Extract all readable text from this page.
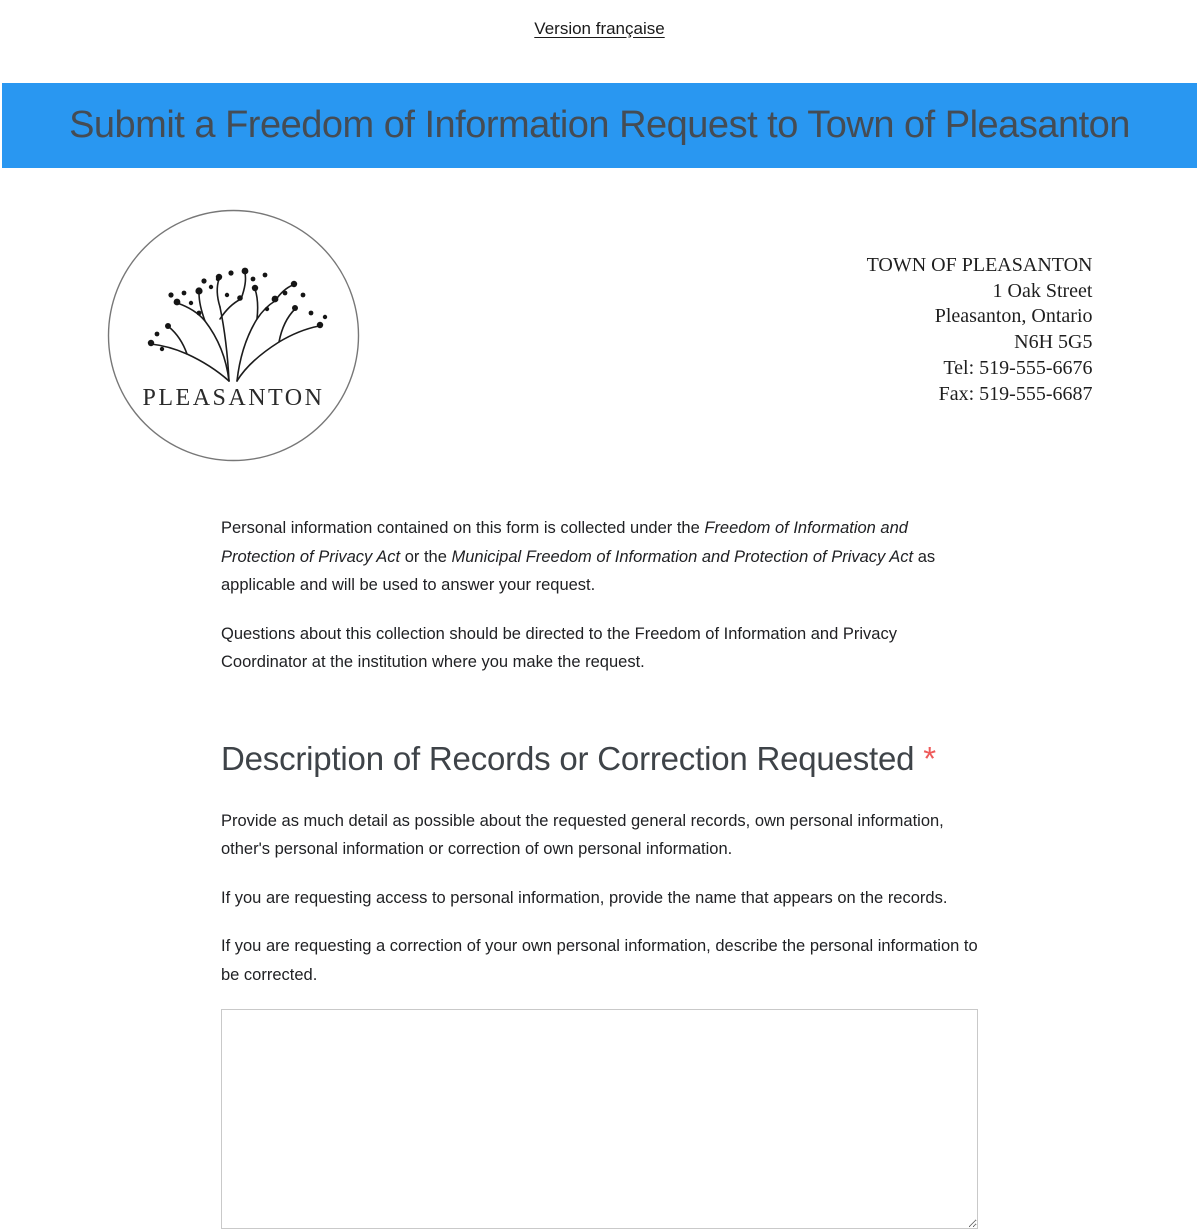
Version française
Submit a Freedom of Information Request to Town of Pleasanton
PLEASANTON
TOWN OF PLEASANTON
1 Oak Street
Pleasanton, Ontario
N6H 5G5
Tel: 519-555-6676
Fax: 519-555-6687

Personal information contained on this form is collected under the Freedom of Information and Protection of Privacy Act or the Municipal Freedom of Information and Protection of Privacy Act as applicable and will be used to answer your request.

Questions about this collection should be directed to the Freedom of Information and Privacy Coordinator at the institution where you make the request.

Description of Records or Correction Requested *

Provide as much detail as possible about the requested general records, own personal information, other's personal information or correction of own personal information.

If you are requesting access to personal information, provide the name that appears on the records.

If you are requesting a correction of your own personal information, describe the personal information to be corrected.
